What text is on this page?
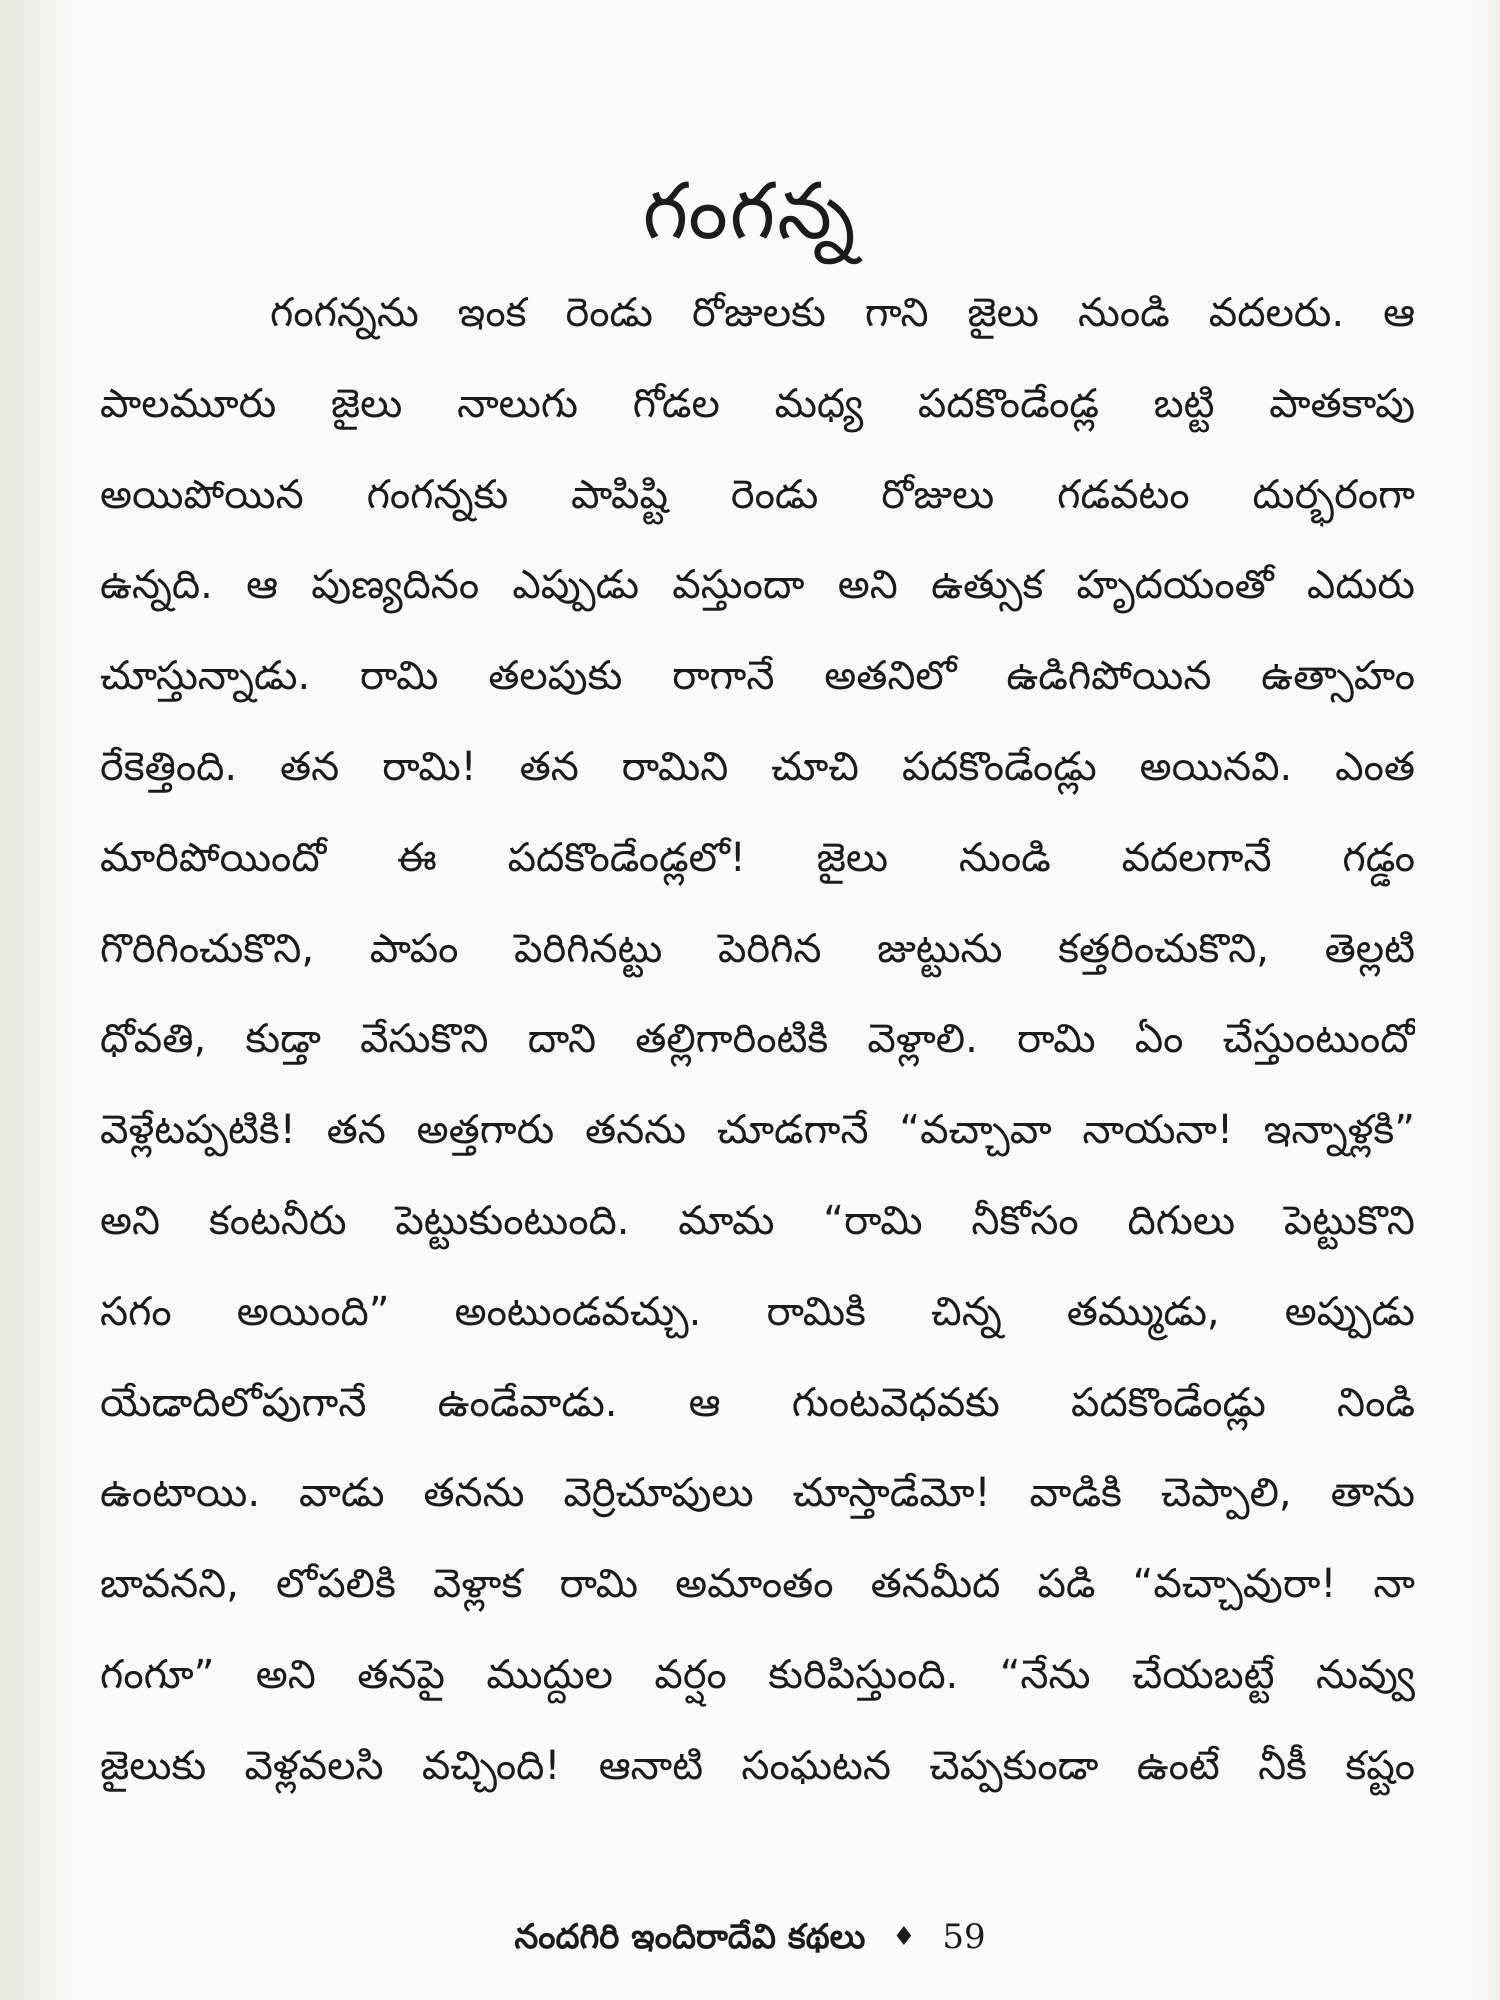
గంగన్న
గంగన్నను ఇంక రెండు రోజులకు గాని జైలు నుండి వదలరు. ఆ
పాలమూరు జైలు నాలుగు గోడల మధ్య పదకొండేండ్ల బట్టి పాతకాపు
అయిపోయిన గంగన్నకు పాపిష్టి రెండు రోజులు గడవటం దుర్భరంగా
ఉన్నది. ఆ పుణ్యదినం ఎప్పుడు వస్తుందా అని ఉత్సుక హృదయంతో ఎదురు
చూస్తున్నాడు. రామి తలపుకు రాగానే అతనిలో ఉడిగిపోయిన ఉత్సాహం
రేకెత్తింది. తన రామి! తన రామిని చూచి పదకొండేండ్లు అయినవి. ఎంత
మారిపోయిందో ఈ పదకొండేండ్లలో! జైలు నుండి వదలగానే గడ్డం
గొరిగించుకొని, పాపం పెరిగినట్టు పెరిగిన జుట్టును కత్తరించుకొని, తెల్లటి
ధోవతి, కుడ్తా వేసుకొని దాని తల్లిగారింటికి వెళ్లాలి. రామి ఏం చేస్తుంటుందో
వెళ్లేటప్పటికి! తన అత్తగారు తనను చూడగానే “వచ్చావా నాయనా! ఇన్నాళ్లకి”
అని కంటనీరు పెట్టుకుంటుంది. మామ “రామి నీకోసం దిగులు పెట్టుకొని
సగం అయింది” అంటుండవచ్చు. రామికి చిన్న తమ్ముడు, అప్పుడు
యేడాదిలోపుగానే ఉండేవాడు. ఆ గుంటవెధవకు పదకొండేండ్లు నిండి
ఉంటాయి. వాడు తనను వెర్రిచూపులు చూస్తాడేమో! వాడికి చెప్పాలి, తాను
బావనని, లోపలికి వెళ్లాక రామి అమాంతం తనమీద పడి “వచ్చావురా! నా
గంగూ” అని తనపై ముద్దుల వర్షం కురిపిస్తుంది. “నేను చేయబట్టే నువ్వు
జైలుకు వెళ్లవలసి వచ్చింది! ఆనాటి సంఘటన చెప్పకుండా ఉంటే నీకీ కష్టం
నందగిరి ఇందిరాదేవి కథలు ♦ 59
